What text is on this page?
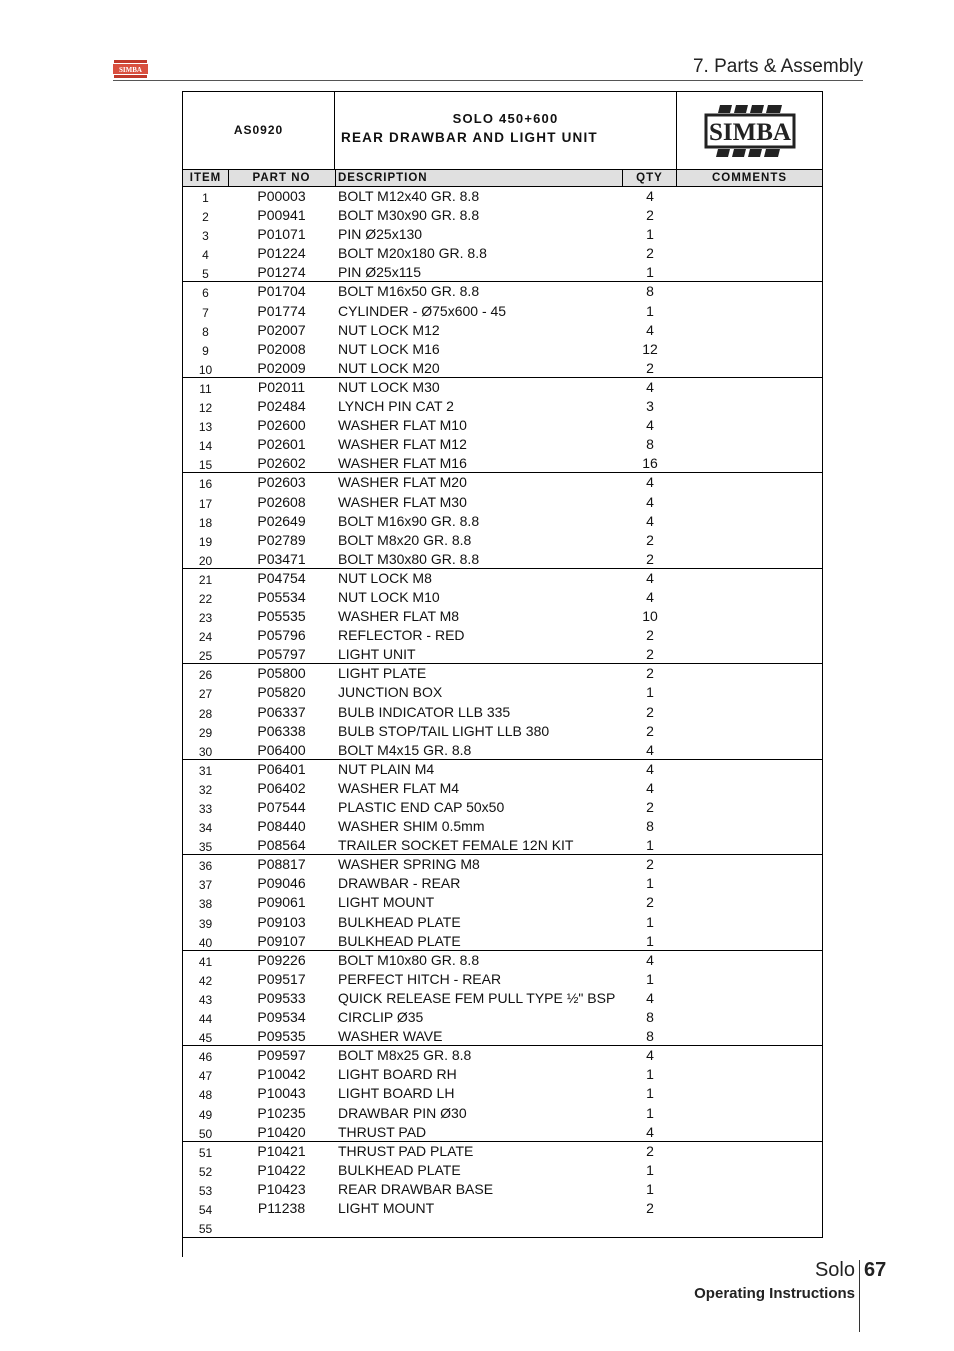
SIMBA	7. Parts & Assembly
AS0920
SOLO 450+600
REAR DRAWBAR AND LIGHT UNIT	SIMBA
ITEM	PART NO	DESCRIPTION	QTY	COMMENTS
1	P00003	BOLT M12x40 GR. 8.8	4
2	P00941	BOLT M30x90 GR. 8.8	2
3	P01071	PIN Ø25x130	1
4	P01224	BOLT M20x180 GR. 8.8	2
5	P01274	PIN Ø25x115	1
6	P01704	BOLT M16x50 GR. 8.8	8
7	P01774	CYLINDER - Ø75x600 - 45	1
8	P02007	NUT LOCK M12	4
9	P02008	NUT LOCK M16	12
10	P02009	NUT LOCK M20	2
11	P02011	NUT LOCK M30	4
12	P02484	LYNCH PIN CAT 2	3
13	P02600	WASHER FLAT M10	4
14	P02601	WASHER FLAT M12	8
15	P02602	WASHER FLAT M16	16
16	P02603	WASHER FLAT M20	4
17	P02608	WASHER FLAT M30	4
18	P02649	BOLT M16x90 GR. 8.8	4
19	P02789	BOLT M8x20 GR. 8.8	2
20	P03471	BOLT M30x80 GR. 8.8	2
21	P04754	NUT LOCK M8	4
22	P05534	NUT LOCK M10	4
23	P05535	WASHER FLAT M8	10
24	P05796	REFLECTOR - RED	2
25	P05797	LIGHT UNIT	2
26	P05800	LIGHT PLATE	2
27	P05820	JUNCTION BOX	1
28	P06337	BULB INDICATOR LLB 335	2
29	P06338	BULB STOP/TAIL LIGHT LLB 380	2
30	P06400	BOLT M4x15 GR. 8.8	4
31	P06401	NUT PLAIN M4	4
32	P06402	WASHER FLAT M4	4
33	P07544	PLASTIC END CAP 50x50	2
34	P08440	WASHER SHIM 0.5mm	8
35	P08564	TRAILER SOCKET FEMALE 12N KIT	1
36	P08817	WASHER SPRING M8	2
37	P09046	DRAWBAR - REAR	1
38	P09061	LIGHT MOUNT	2
39	P09103	BULKHEAD PLATE	1
40	P09107	BULKHEAD PLATE	1
41	P09226	BOLT M10x80 GR. 8.8	4
42	P09517	PERFECT HITCH - REAR	1
43	P09533	QUICK RELEASE FEM PULL TYPE ½" BSP	4
44	P09534	CIRCLIP Ø35	8
45	P09535	WASHER WAVE	8
46	P09597	BOLT M8x25 GR. 8.8	4
47	P10042	LIGHT BOARD RH	1
48	P10043	LIGHT BOARD LH	1
49	P10235	DRAWBAR PIN Ø30	1
50	P10420	THRUST PAD	4
51	P10421	THRUST PAD PLATE	2
52	P10422	BULKHEAD PLATE	1
53	P10423	REAR DRAWBAR BASE	1
54	P11238	LIGHT MOUNT	2
55
Solo 67
Operating Instructions
